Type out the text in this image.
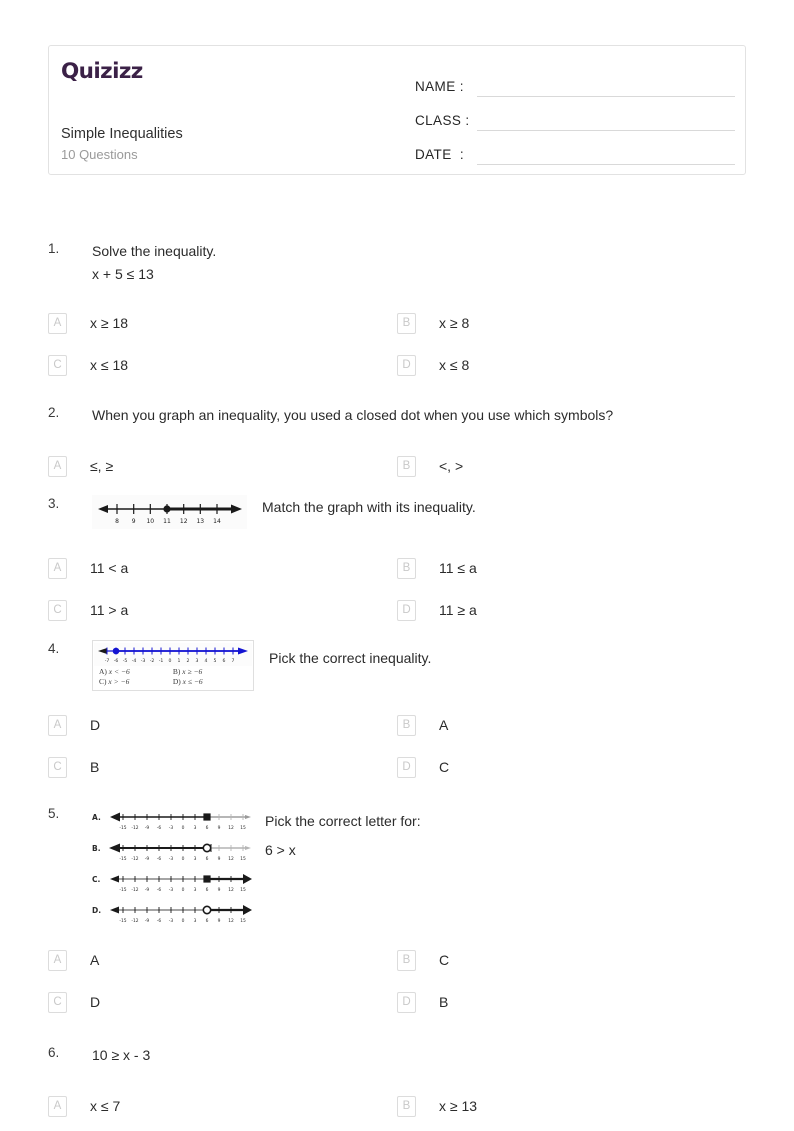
Quizizz
Simple Inequalities
10 Questions
NAME :
CLASS :
DATE  :
1.	Solve the inequality.
x + 5 ≤ 13
A	x ≥ 18	B	x ≥ 8
C	x ≤ 18	D	x ≤ 8
2.	When you graph an inequality, you used a closed dot when you use which symbols?
A	≤, ≥	B	<, >
3.
8 9 10 11 12 13 14
Match the graph with its inequality.
A	11 < a	B	11 ≤ a
C	11 > a	D	11 ≥ a
4.
-7 -6 -5 -4 -3 -2 -1 0 1 2 3 4 5 6 7
A) x < −6	B) x ≥ −6
C) x > −6	D) x ≤ −6
Pick the correct inequality.
A	D	B	A
C	B	D	C
5.	A.
-15 -12 -9 -6 -3 0 3 6 9 12 15
B.
-15 -12 -9 -6 -3 0 3 6 9 12 15
C.
-15 -12 -9 -6 -3 0 3 6 9 12 15
D.
-15 -12 -9 -6 -3 0 3 6 9 12 15
Pick the correct letter for:
6 > x
A	A	B	C
C	D	D	B
6.	10 ≥ x - 3
A	x ≤ 7	B	x ≥ 13
